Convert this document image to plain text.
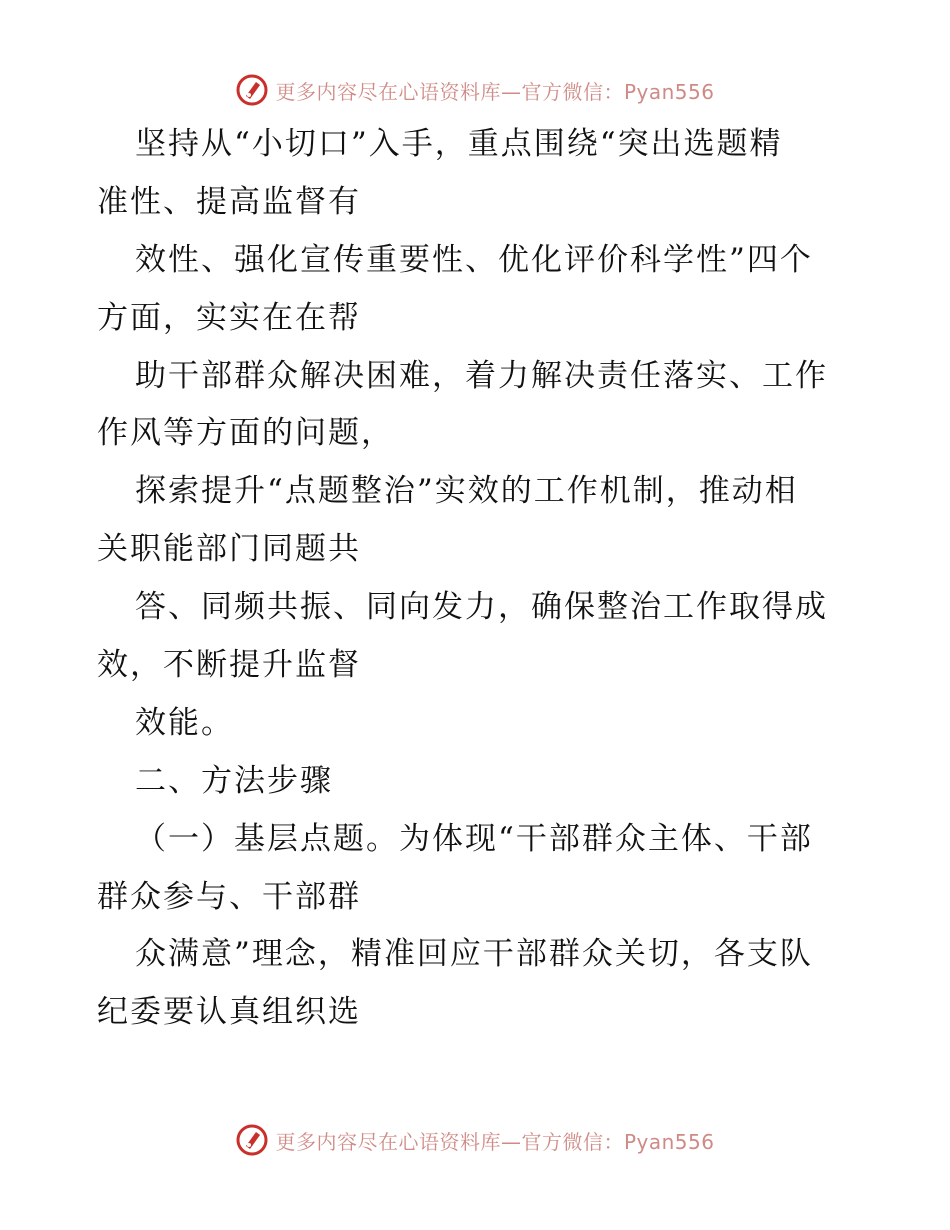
更多内容尽在心语资料库—官方微信：Pyan556
坚持从“小切口”入手，重点围绕“突出选题精
准性、提高监督有
效性、强化宣传重要性、优化评价科学性”四个
方面，实实在在帮
助干部群众解决困难，着力解决责任落实、工作
作风等方面的问题，
探索提升“点题整治”实效的工作机制，推动相
关职能部门同题共
答、同频共振、同向发力，确保整治工作取得成
效，不断提升监督
效能。
二、方法步骤
（一）基层点题。为体现“干部群众主体、干部
群众参与、干部群
众满意”理念，精准回应干部群众关切，各支队
纪委要认真组织选
更多内容尽在心语资料库—官方微信：Pyan556
